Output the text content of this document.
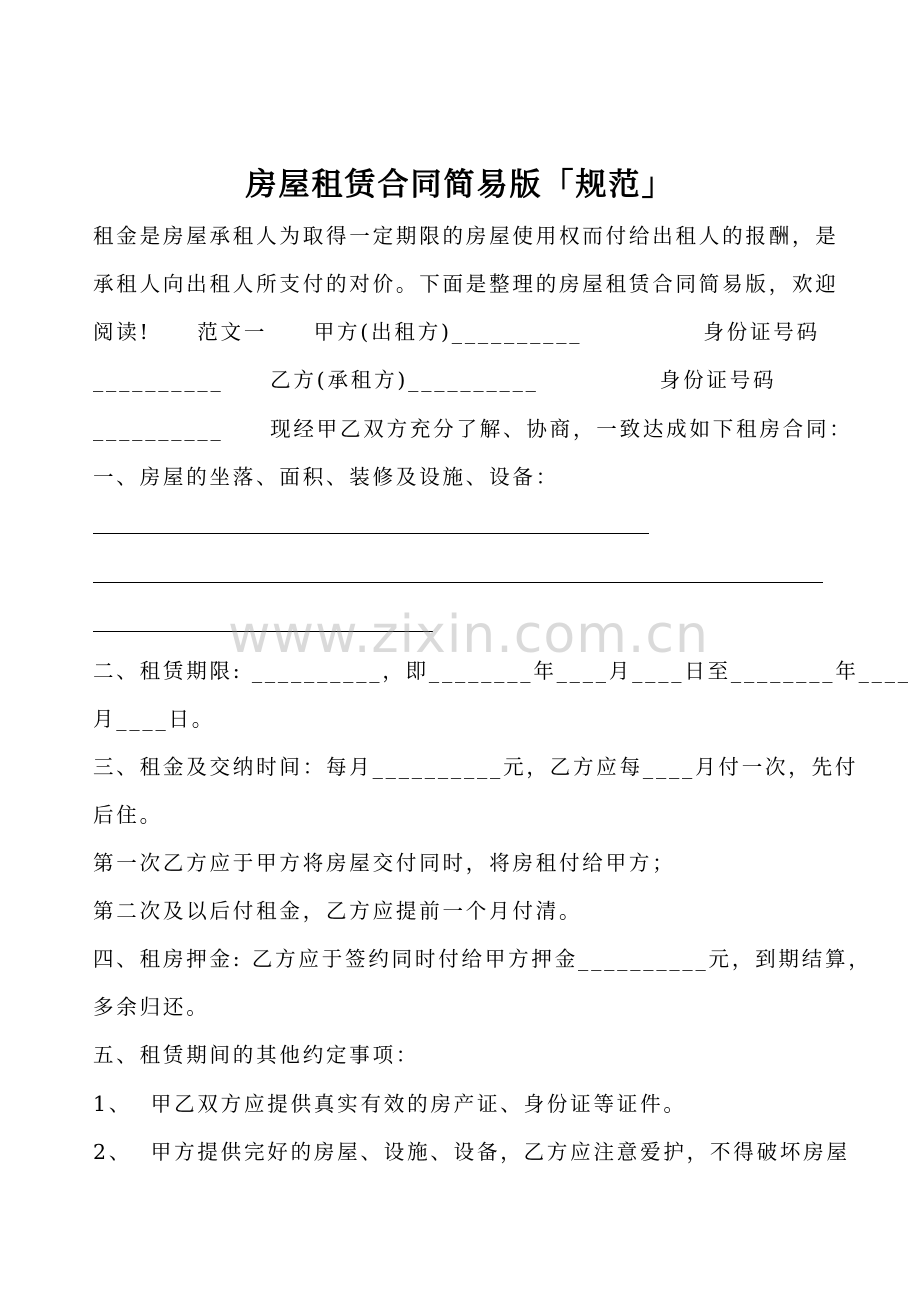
房屋租赁合同简易版「规范」
租金是房屋承租人为取得一定期限的房屋使用权而付给出租人的报酬，是
承租人向出租人所支付的对价。下面是整理的房屋租赁合同简易版，欢迎
阅读!     范文一     甲方(出租方)__________             身份证号码
__________     乙方(承租方)__________             身份证号码
__________     现经甲乙双方充分了解、协商，一致达成如下租房合同：
一、房屋的坐落、面积、装修及设施、设备：
www.zixin.com.cn
二、租赁期限: __________，即________年____月____日至________年____
月____日。
三、租金及交纳时间：每月__________元，乙方应每____月付一次，先付
后住。
第一次乙方应于甲方将房屋交付同时，将房租付给甲方；
第二次及以后付租金，乙方应提前一个月付清。
四、租房押金: 乙方应于签约同时付给甲方押金__________元，到期结算，
多余归还。
五、租赁期间的其他约定事项：
1、  甲乙双方应提供真实有效的房产证、身份证等证件。
2、  甲方提供完好的房屋、设施、设备，乙方应注意爱护，不得破坏房屋
